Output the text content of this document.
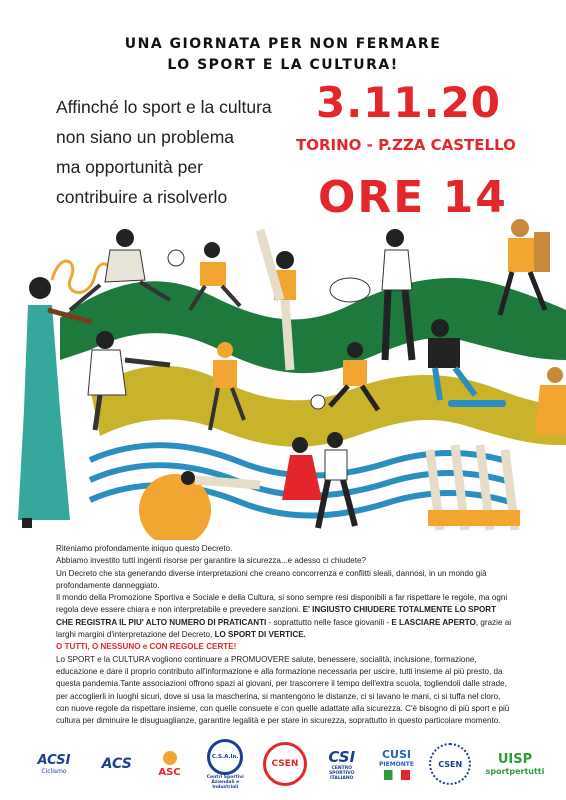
UNA GIORNATA PER NON FERMARE
LO SPORT E LA CULTURA!
Affinché lo sport e la cultura
non siano un problema
ma opportunità per
contribuire a risolverlo
3.11.20
TORINO - P.ZZA CASTELLO
ORE 14

Riteniamo profondamente iniquo questo Decreto.

Abbiamo investito tutti ingenti risorse per garantire la sicurezza...e adesso ci chiudete?

Un Decreto che sta generando diverse interpretazioni che creano concorrenza e conflitti sleali, dannosi, in un mondo già profondamente danneggiato.

Il mondo della Promozione Sportiva e Sociale e della Cultura, si sono sempre resi disponibili a far rispettare le regole, ma ogni regola deve essere chiara e non interpretabile e prevedere sanzioni. E' INGIUSTO CHIUDERE TOTALMENTE LO SPORT CHE REGISTRA IL PIU' ALTO NUMERO DI PRATICANTI - soprattutto nelle fasce giovanili - E LASCIARE APERTO, grazie ai larghi margini d'interpretazione del Decreto, LO SPORT DI VERTICE.

O TUTTI, O NESSUNO e CON REGOLE CERTE!

Lo SPORT e la CULTURA vogliono continuare a PROMUOVERE salute, benessere, socialità, inclusione, formazione, educazione e dare il proprio contributo all'informazione e alla formazione necessaria per uscire, tutti insieme al più presto, da questa pandemia.Tante associazioni offrono spazi ai giovani, per trascorrere il tempo dell'extra scuola, togliendoli dalle strade, per accoglierli in luoghi sicuri, dove si usa la mascherina, si mantengono le distanze, ci si lavano le mani, ci si tuffa nel cloro, con nuove regole da rispettare insieme, con quelle consuete e con quelle adattate alla sicurezza. C'è bisogno di più sport e più cultura per diminuire le disuguaglianze, garantire legalità e per stare in sicurezza, soprattutto in questo particolare momento.

ACSI
Ciclismo	ACS	ASC
C.S.A.In.
Centri Sportivi Aziendali e Industriali
CSEN	CSI
CENTRO SPORTIVO ITALIANO
CUSI
PIEMONTE	CSEN	UISP
sportpertutti
